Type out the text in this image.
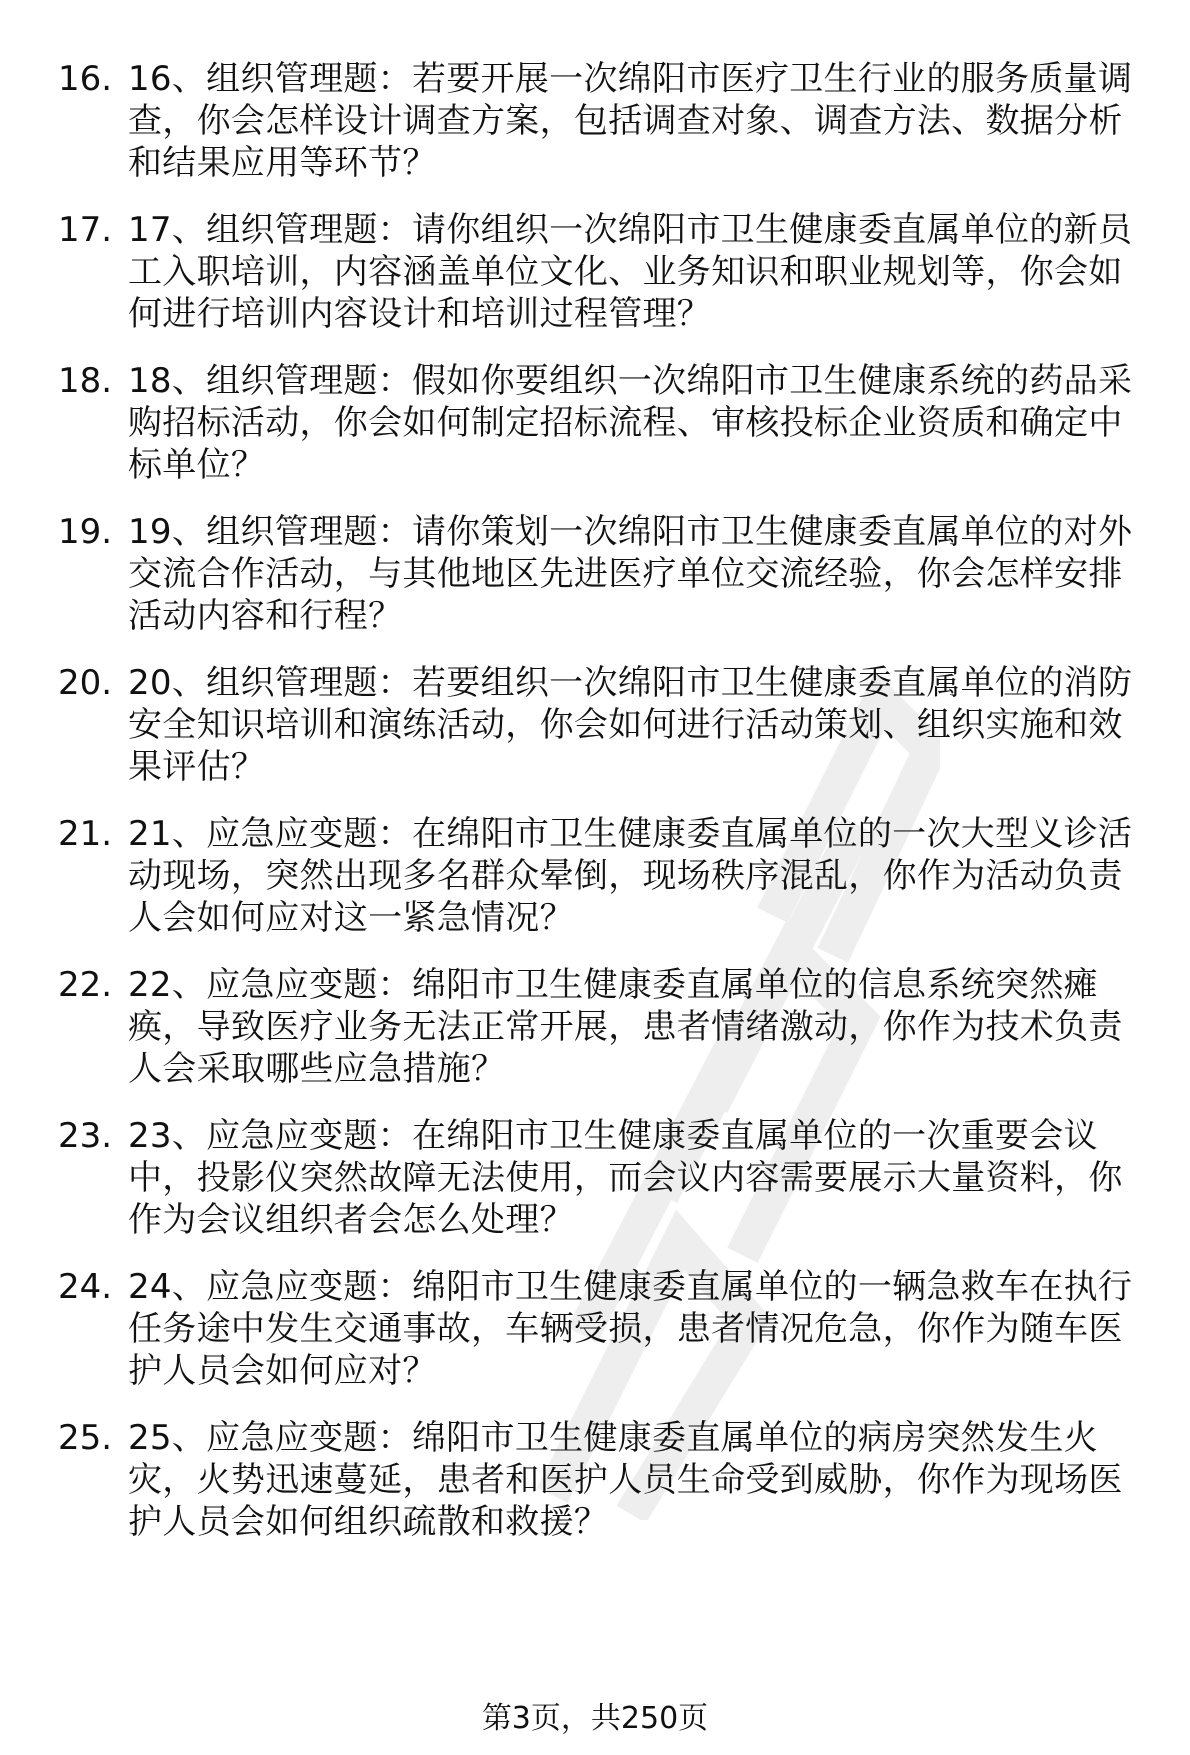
16. 16、组织管理题：若要开展一次绵阳市医疗卫生行业的服务质量调查，你会怎样设计调查方案，包括调查对象、调查方法、数据分析和结果应用等环节？
17. 17、组织管理题：请你组织一次绵阳市卫生健康委直属单位的新员工入职培训，内容涵盖单位文化、业务知识和职业规划等，你会如何进行培训内容设计和培训过程管理？
18. 18、组织管理题：假如你要组织一次绵阳市卫生健康系统的药品采购招标活动，你会如何制定招标流程、审核投标企业资质和确定中标单位？
19. 19、组织管理题：请你策划一次绵阳市卫生健康委直属单位的对外交流合作活动，与其他地区先进医疗单位交流经验，你会怎样安排活动内容和行程？
20. 20、组织管理题：若要组织一次绵阳市卫生健康委直属单位的消防安全知识培训和演练活动，你会如何进行活动策划、组织实施和效果评估？
21. 21、应急应变题：在绵阳市卫生健康委直属单位的一次大型义诊活动现场，突然出现多名群众晕倒，现场秩序混乱，你作为活动负责人会如何应对这一紧急情况？
22. 22、应急应变题：绵阳市卫生健康委直属单位的信息系统突然瘫痪，导致医疗业务无法正常开展，患者情绪激动，你作为技术负责人会采取哪些应急措施？
23. 23、应急应变题：在绵阳市卫生健康委直属单位的一次重要会议中，投影仪突然故障无法使用，而会议内容需要展示大量资料，你作为会议组织者会怎么处理？
24. 24、应急应变题：绵阳市卫生健康委直属单位的一辆急救车在执行任务途中发生交通事故，车辆受损，患者情况危急，你作为随车医护人员会如何应对？
25. 25、应急应变题：绵阳市卫生健康委直属单位的病房突然发生火灾，火势迅速蔓延，患者和医护人员生命受到威胁，你作为现场医护人员会如何组织疏散和救援？
第3页，共250页
